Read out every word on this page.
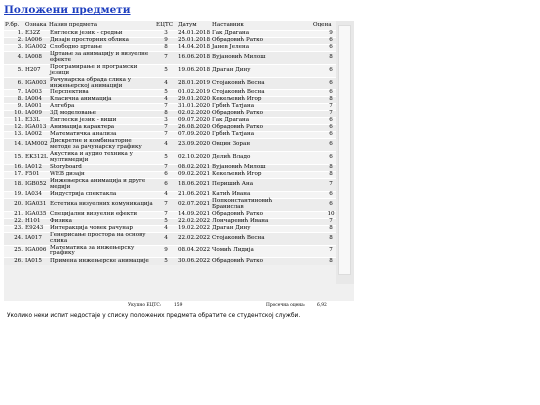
Положени предмети
Р.бр.	Ознака	Назив предмета	ЕЦТС	Датум	Наставник	Оцена
1.	E32Z	Енглески језик - средњи	3	24.01.2018	Гак Драгана	9
2.	IA006	Дизајн просторних облика	9	25.01.2018	Обрадовић Ратко	6
3.	IGA002	Слободно цртање	8	14.04.2018	Јанев Јелена	6
4.	IA008	Цртање за анимацију и визуелне ефекте	7	16.06.2018	Вујановић Милош	8
5.	H207	Програмирање и програмски језици	5	19.06.2018	Драган Дину	6
6.	IGA003	Рачунарска обрада слика у инжењерској анимацији	4	28.01.2019	Стојаковић Весна	6
7.	IA003	Перспектива	5	01.02.2019	Стојаковић Весна	6
8.	IA004	Класична анимација	4	29.01.2020	Кекељевић Игор	8
9.	IA001	Алгебра	7	31.01.2020	Грбић Татјана	7
10.	IA009	3Д моделовање	8	02.02.2020	Обрадовић Ратко	7
11.	E33L	Енглески језик - виши	3	09.07.2020	Гак Драгана	6
12.	IGA013	Анимација карактера	7	26.08.2020	Обрадовић Ратко	6
13.	IA002	Математичка анализа	7	07.09.2020	Грбић Татјана	6
14.	IAM002	Дискретне и комбинаторне методе за рачунарску графику	4	23.09.2020	Овцин Зоран	6
15.	EK312L	Акустика и аудио техника у мултимедији	5	02.10.2020	Делић Владо	6
16.	IA012	Storyboard	7	08.02.2021	Вујановић Милош	8
17.	F501	WEB дизајн	6	09.02.2021	Кекељевић Игор	8
18.	IGB052	Инжењерска анимација и друге медији	6	18.06.2021	Перишић Ана	7
19.	IA034	Индустрија спектакла	4	21.06.2021	Катић Ивана	6
20.	IGA031	Естетика визуелних комуникација	7	02.07.2021	Попконстантиновић Бранислав	6
21.	IGA035	Специјални визуелни ефекти	7	14.09.2021	Обрадовић Ратко	10
22.	H101	Физика	5	22.02.2022	Лончаревић Ивана	7
23.	E9243	Интеракција човек рачунар	4	19.02.2022	Драган Дину	8
24.	IA017	Генерисање простора на основу слика	4	22.02.2022	Стојаковић Весна	8
25.	IGA006	Математика за инжењерску графику	9	08.04.2022	Чомић Лидија	7
26.	IA015	Примена инжењерске анимације	5	30.06.2022	Обрадовић Ратко	8
Укупно ЕЦТС:	159	Просечна оцена:	6,92
Уколико неки испит недостаје у списку положених предмета обратите се студентској служби.
